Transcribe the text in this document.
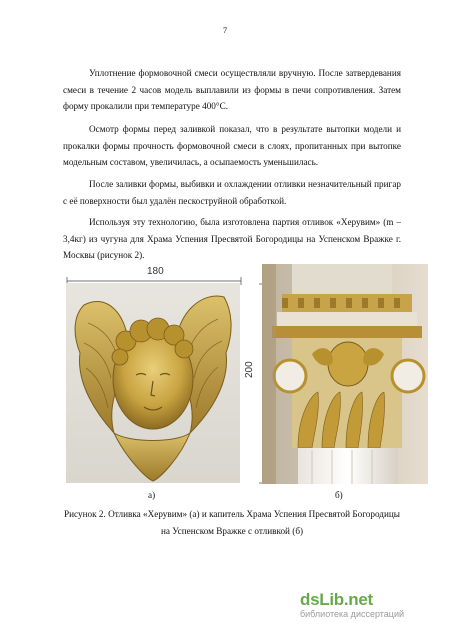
7

Уплотнение формовочной смеси осуществляли вручную. После затвердевания смеси в течение 2 часов модель выплавили из формы в печи сопротивления. Затем форму прокалили при температуре 400°С.

Осмотр формы перед заливкой показал, что в результате вытопки модели и прокалки формы прочность формовочной смеси в слоях, пропитанных при вытопке модельным составом, увеличилась, а осыпаемость уменьшилась.

После заливки формы, выбивки и охлаждении отливки незначительный пригар с её поверхности был удалён пескоструйной обработкой.

Используя эту технологию, была изготовлена партия отливок «Херувим» (m – 3,4кг) из чугуна для Храма Успения Пресвятой Богородицы на Успенском Вражке г. Москвы (рисунок 2).

180
200
а)	б)
Рисунок 2. Отливка «Херувим» (а) и капитель Храма Успения Пресвятой Богородицы на Успенском Вражке с отливкой (б)
dsLib.net
библиотека диссертаций
